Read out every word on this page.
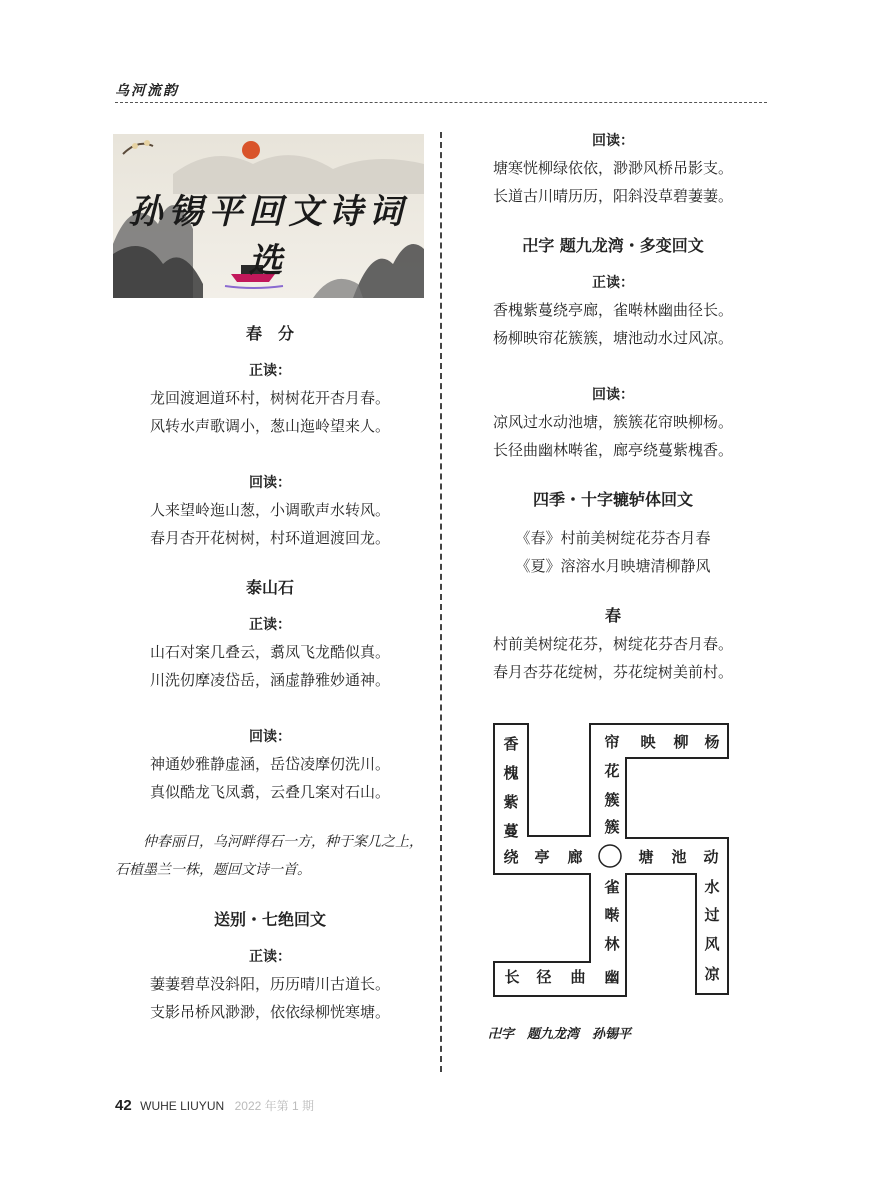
乌河流韵
孙锡平回文诗词选

春　分

正读：

龙回渡迴道环村，树树花开杏月春。

风转水声歌调小，葱山迤岭望来人。

回读：

人来望岭迤山葱，小调歌声水转风。

春月杏开花树树，村环道迴渡回龙。

泰山石

正读：

山石对案几叠云，翥凤飞龙酷似真。

川洗仞摩凌岱岳，涵虚静雅妙通神。

回读：

神通妙雅静虚涵，岳岱凌摩仞洗川。

真似酷龙飞凤翥，云叠几案对石山。

仲春丽日，乌河畔得石一方，种于案几之上，石植墨兰一株，题回文诗一首。

送别・七绝回文

正读：

萋萋碧草没斜阳，历历晴川古道长。

支影吊桥风渺渺，依依绿柳恍寒塘。

回读：

塘寒恍柳绿依依，渺渺风桥吊影支。

长道古川晴历历，阳斜没草碧萋萋。

卍字 题九龙湾・多变回文

正读：

香槐紫蔓绕亭廊，雀啭林幽曲径长。

杨柳映帘花簇簇，塘池动水过风凉。

回读：

凉风过水动池塘，簇簇花帘映柳杨。

长径曲幽林啭雀，廊亭绕蔓紫槐香。

四季・十字辘轳体回文

《春》村前美树绽花芬杏月春

《夏》溶溶水月映塘清柳静风

春

村前美树绽花芬，树绽花芬杏月春。

春月杏芬花绽树，芬花绽树美前村。

香
槐
紫
蔓
绕	亭	廊
帘	映	柳	杨
花
簇
簇
塘	池	动
水
过
风
凉
雀
啭
林
幽
长	径	曲
卍字　题九龙湾　孙锡平
42 WUHE LIUYUN 2022 年第 1 期
